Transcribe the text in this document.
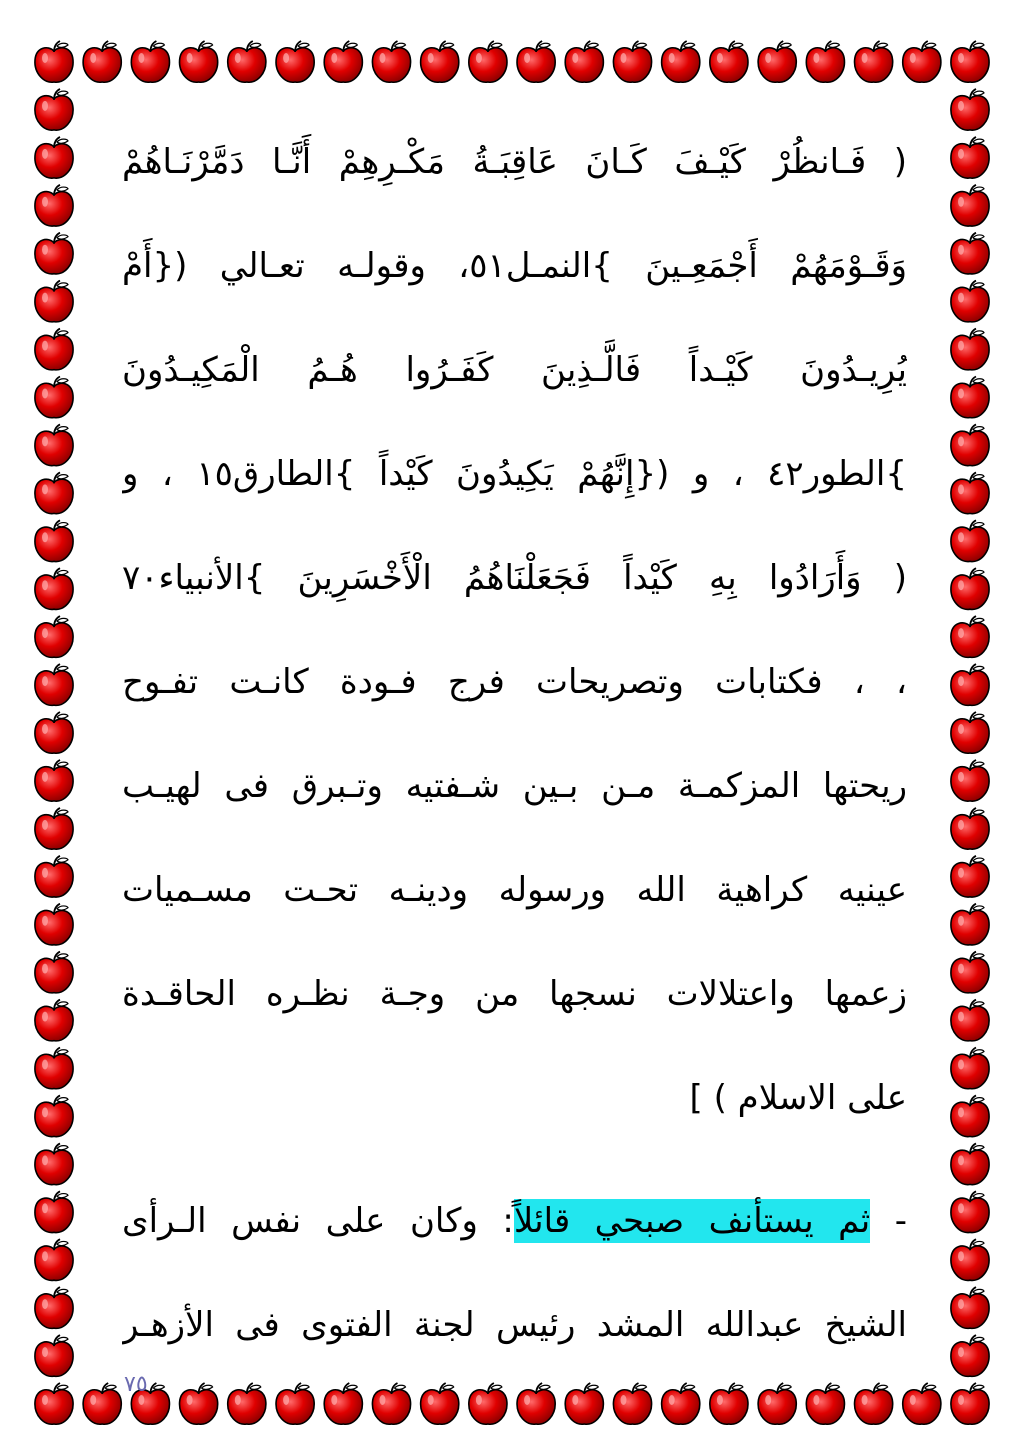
( فَـانظُرْ كَيْـفَ كَـانَ عَاقِبَـةُ مَكْـرِهِمْ أَنَّـا دَمَّرْنَـاهُمْ
وَقَـوْمَهُمْ أَجْمَعِـينَ }النمـل٥١، وقولـه تعـالي ({أَمْ
يُرِيـدُونَ كَيْـداً فَالَّـذِينَ كَفَـرُوا هُـمُ الْمَكِيـدُونَ
}الطور٤٢ ، و ({إِنَّهُمْ يَكِيدُونَ كَيْداً }الطارق١٥ ، و
( وَأَرَادُوا بِهِ كَيْداً فَجَعَلْنَاهُمُ الْأَخْسَرِينَ }الأنبياء٧٠
، ، فكتابات وتصريحات فرج فـودة كانـت تفـوح
ريحتها المزكمـة مـن بـين شـفتيه وتـبرق فى لهيـب
عينيه كراهية الله ورسوله ودينـه تحـت مسـميات
زعمها واعتلالات نسجها من وجـة نظـره الحاقـدة
على الاسلام ) ]
- ثم يستأنف صبحي قائلاً: وكان على نفس الـرأى
الشيخ عبدالله المشد رئيس لجنة الفتوى فى الأزهـر
٧٥
